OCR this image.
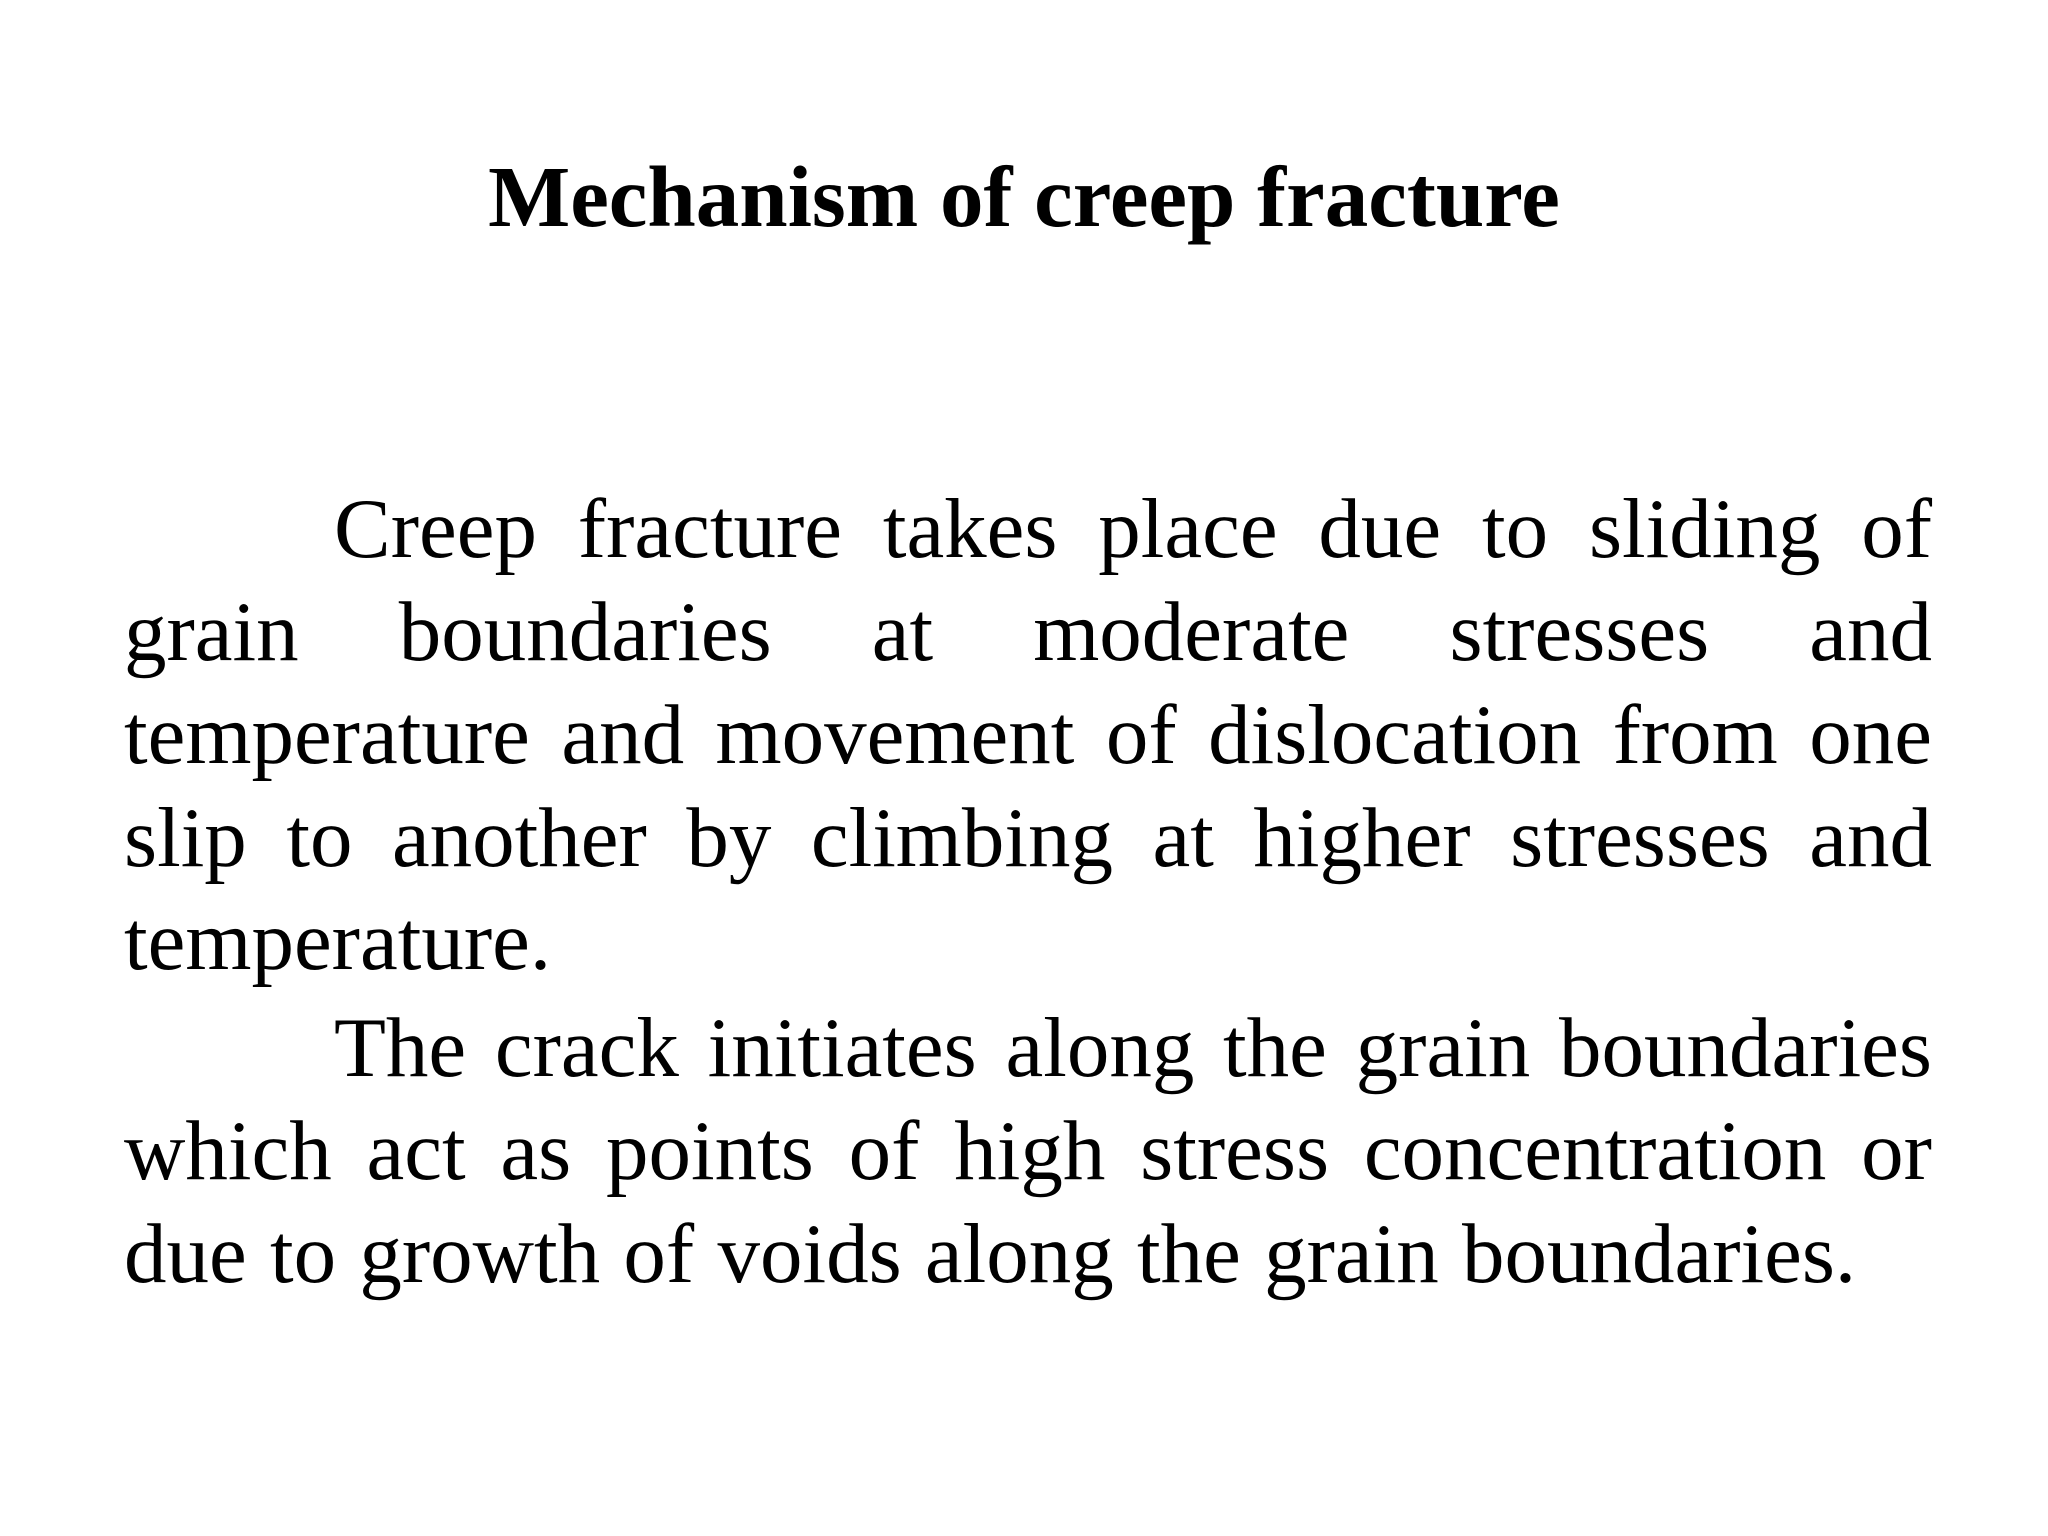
Mechanism of creep fracture

Creep fracture takes place due to sliding of grain boundaries at moderate stresses and temperature and movement of dislocation from one slip to another by climbing at higher stresses and temperature.

The crack initiates along the grain boundaries which act as points of high stress concentration or due to growth of voids along the grain boundaries.
